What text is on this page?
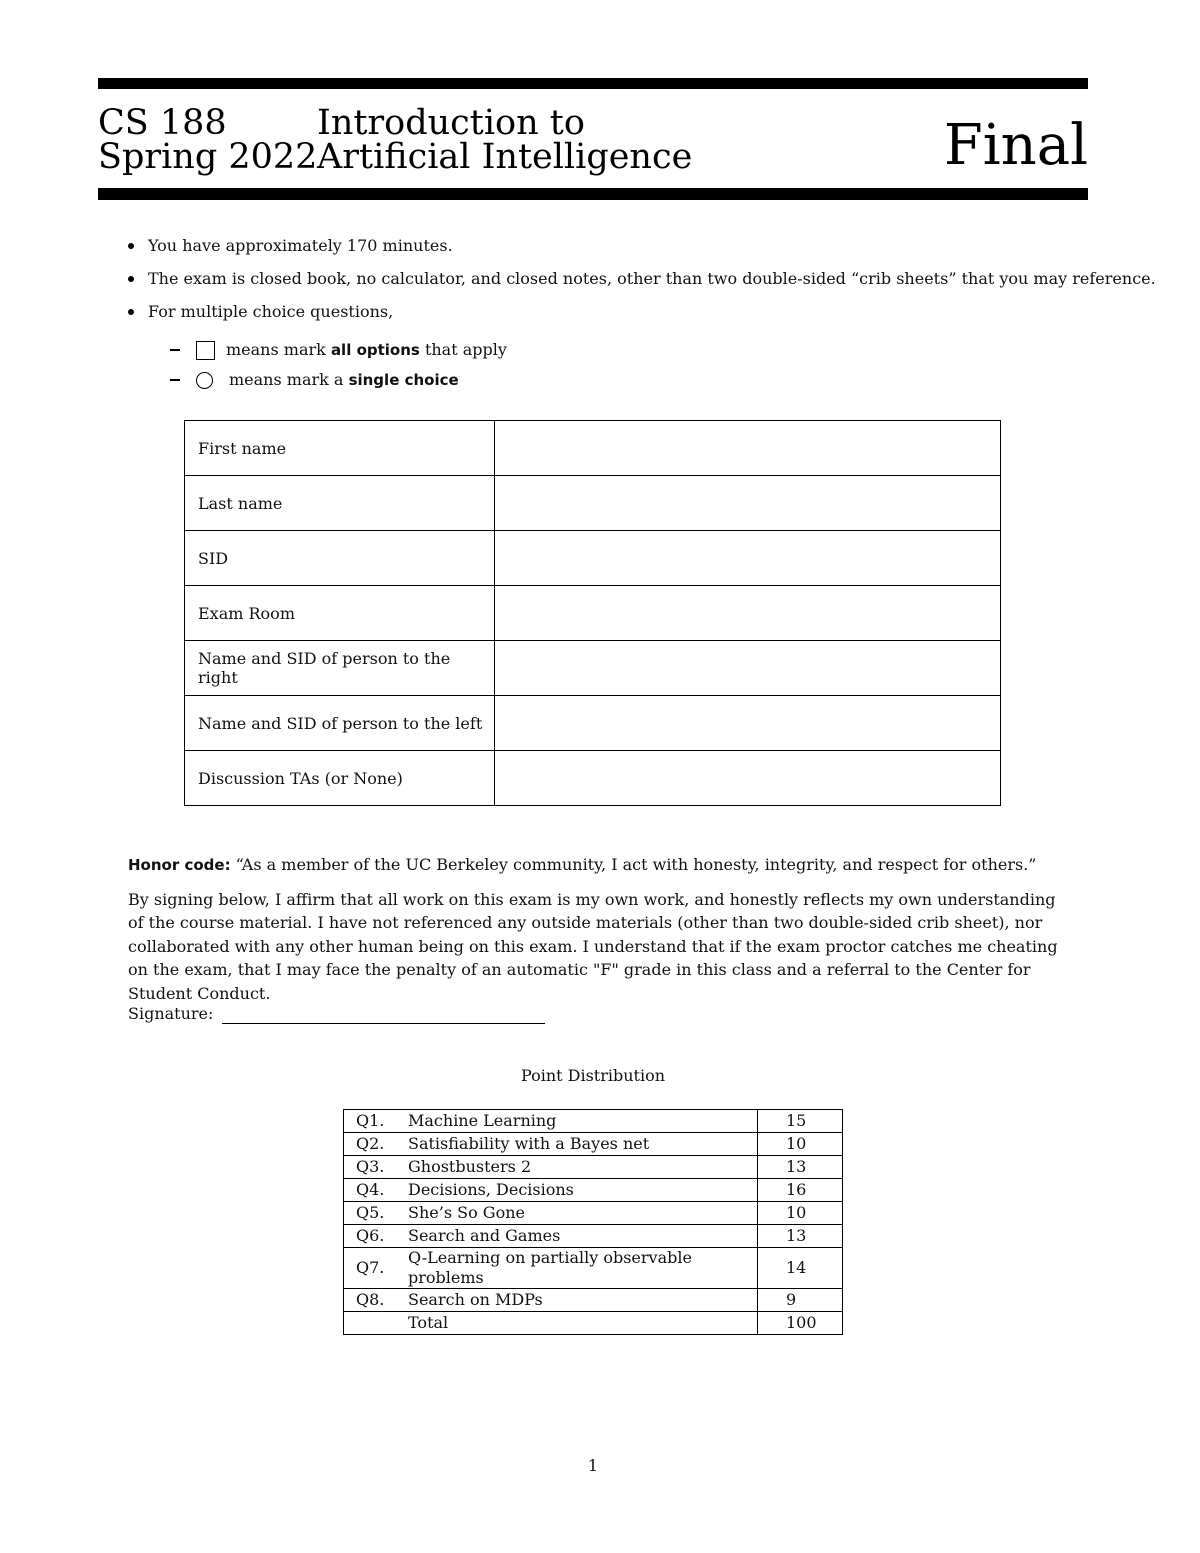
CS 188
Spring 2022
Introduction to
Artificial Intelligence	Final
You have approximately 170 minutes.
The exam is closed book, no calculator, and closed notes, other than two double-sided “crib sheets” that you may reference.
For multiple choice questions,
means mark all options that apply
means mark a single choice
First name	
Last name	
SID	
Exam Room	
Name and SID of person to the right	
Name and SID of person to the left	
Discussion TAs (or None)	

Honor code: “As a member of the UC Berkeley community, I act with honesty, integrity, and respect for others.”

By signing below, I affirm that all work on this exam is my own work, and honestly reflects my own understanding of the course material. I have not referenced any outside materials (other than two double-sided crib sheet), nor collaborated with any other human being on this exam. I understand that if the exam proctor catches me cheating on the exam, that I may face the penalty of an automatic "F" grade in this class and a referral to the Center for Student Conduct.

Signature:
Point Distribution
Q1.	Machine Learning	15
Q2.	Satisfiability with a Bayes net	10
Q3.	Ghostbusters 2	13
Q4.	Decisions, Decisions	16
Q5.	She’s So Gone	10
Q6.	Search and Games	13
Q7.	Q-Learning on partially observable problems	14
Q8.	Search on MDPs	9
	Total	100
1
